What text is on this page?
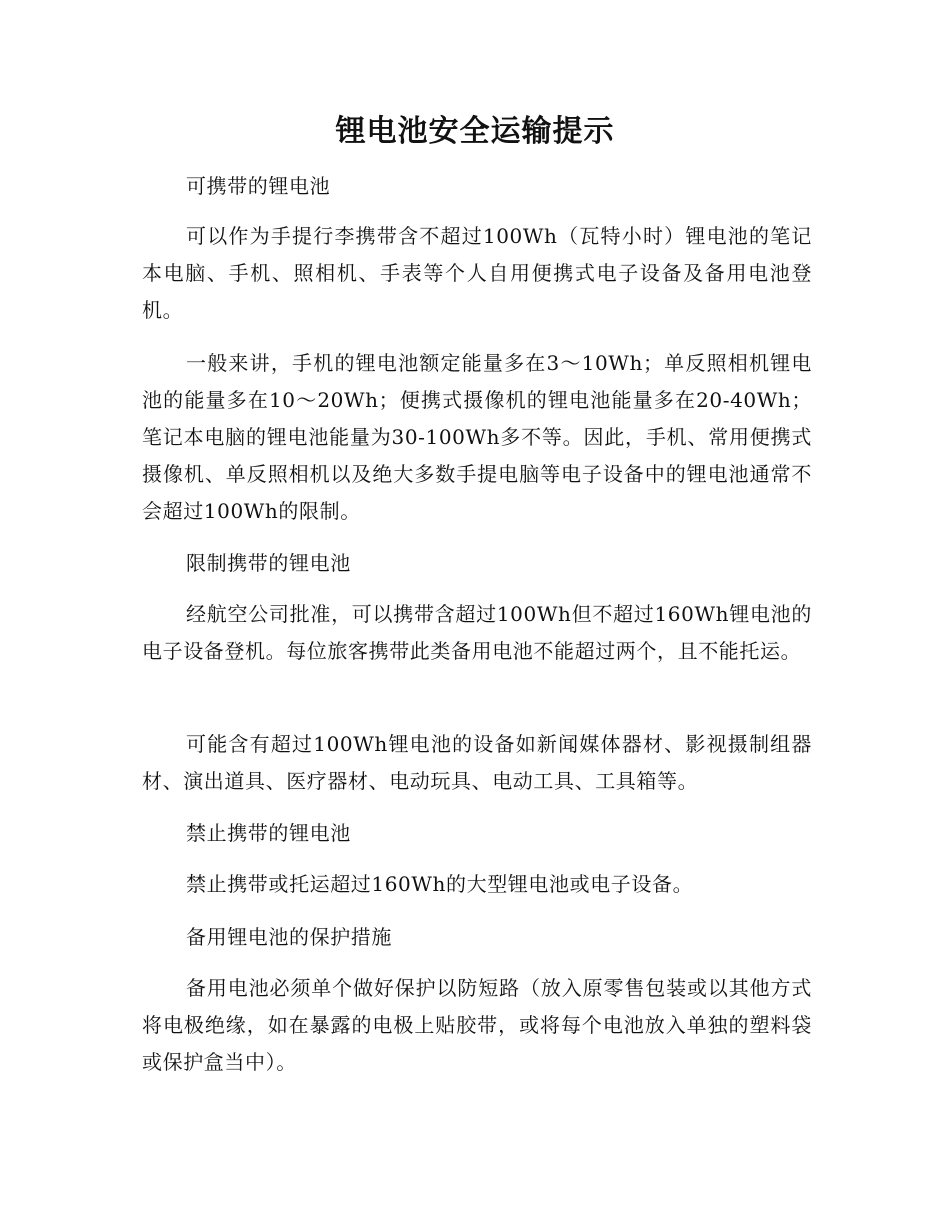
锂电池安全运输提示

可携带的锂电池

可以作为手提行李携带含不超过100Wh（瓦特小时）锂电池的笔记本电脑、手机、照相机、手表等个人自用便携式电子设备及备用电池登机。

一般来讲，手机的锂电池额定能量多在3～10Wh；单反照相机锂电池的能量多在10～20Wh；便携式摄像机的锂电池能量多在20-40Wh；笔记本电脑的锂电池能量为30-100Wh多不等。因此，手机、常用便携式摄像机、单反照相机以及绝大多数手提电脑等电子设备中的锂电池通常不会超过100Wh的限制。

限制携带的锂电池

经航空公司批准，可以携带含超过100Wh但不超过160Wh锂电池的电子设备登机。每位旅客携带此类备用电池不能超过两个，且不能托运。

可能含有超过100Wh锂电池的设备如新闻媒体器材、影视摄制组器材、演出道具、医疗器材、电动玩具、电动工具、工具箱等。

禁止携带的锂电池

禁止携带或托运超过160Wh的大型锂电池或电子设备。

备用锂电池的保护措施

备用电池必须单个做好保护以防短路（放入原零售包装或以其他方式将电极绝缘，如在暴露的电极上贴胶带，或将每个电池放入单独的塑料袋或保护盒当中）。
